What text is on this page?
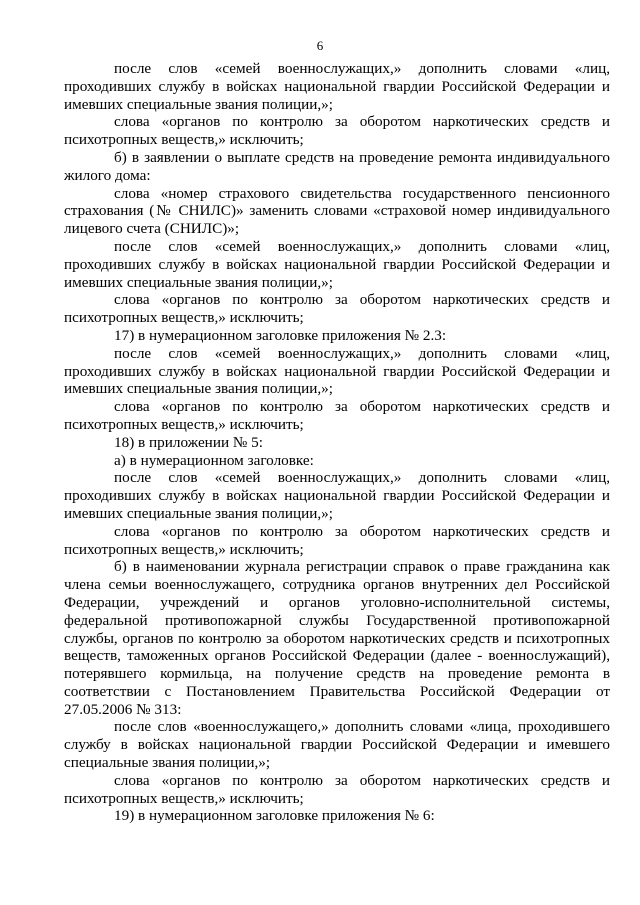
6

после слов «семей военнослужащих,» дополнить словами «лиц, проходивших службу в войсках национальной гвардии Российской Федерации и имевших специальные звания полиции,»;

слова «органов по контролю за оборотом наркотических средств и психотропных веществ,» исключить;

б) в заявлении о выплате средств на проведение ремонта индивидуального жилого дома:

слова «номер страхового свидетельства государственного пенсионного страхования (№ СНИЛС)» заменить словами «страховой номер индивидуального лицевого счета (СНИЛС)»;

после слов «семей военнослужащих,» дополнить словами «лиц, проходивших службу в войсках национальной гвардии Российской Федерации и имевших специальные звания полиции,»;

слова «органов по контролю за оборотом наркотических средств и психотропных веществ,» исключить;

17) в нумерационном заголовке приложения № 2.3:

после слов «семей военнослужащих,» дополнить словами «лиц, проходивших службу в войсках национальной гвардии Российской Федерации и имевших специальные звания полиции,»;

слова «органов по контролю за оборотом наркотических средств и психотропных веществ,» исключить;

18) в приложении № 5:

а) в нумерационном заголовке:

после слов «семей военнослужащих,» дополнить словами «лиц, проходивших службу в войсках национальной гвардии Российской Федерации и имевших специальные звания полиции,»;

слова «органов по контролю за оборотом наркотических средств и психотропных веществ,» исключить;

б) в наименовании журнала регистрации справок о праве гражданина как члена семьи военнослужащего, сотрудника органов внутренних дел Российской Федерации, учреждений и органов уголовно-исполнительной системы, федеральной противопожарной службы Государственной противопожарной службы, органов по контролю за оборотом наркотических средств и психотропных веществ, таможенных органов Российской Федерации (далее - военнослужащий), потерявшего кормильца, на получение средств на проведение ремонта в соответствии с Постановлением Правительства Российской Федерации от 27.05.2006 № 313:

после слов «военнослужащего,» дополнить словами «лица, проходившего службу в войсках национальной гвардии Российской Федерации и имевшего специальные звания полиции,»;

слова «органов по контролю за оборотом наркотических средств и психотропных веществ,» исключить;

19) в нумерационном заголовке приложения № 6:
